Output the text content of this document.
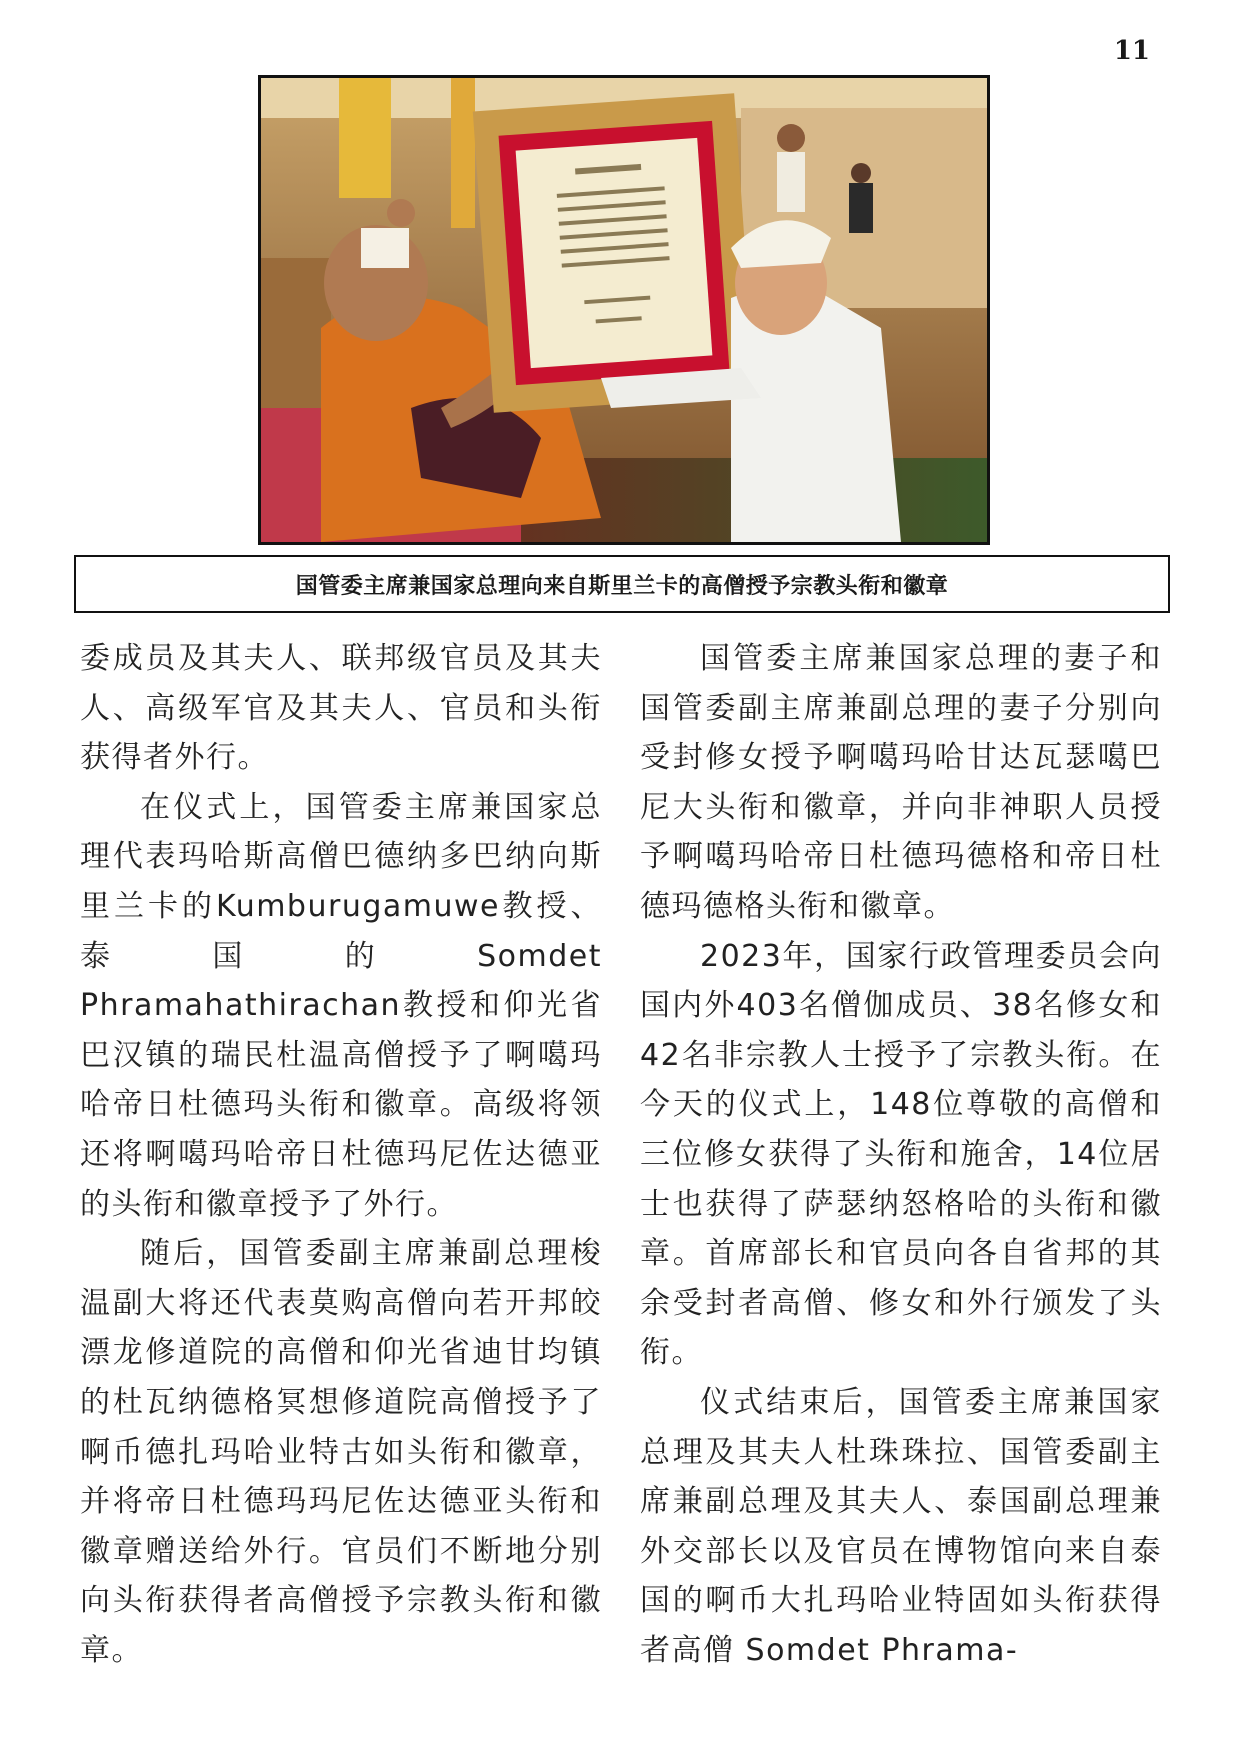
11
国管委主席兼国家总理向来自斯里兰卡的高僧授予宗教头衔和徽章

委成员及其夫人、联邦级官员及其夫人、高级军官及其夫人、官员和头衔获得者外行。

在仪式上，国管委主席兼国家总理代表玛哈斯高僧巴德纳多巴纳向斯里兰卡的Kumburugamuwe教授、泰国的Somdet Phramahathirachan教授和仰光省巴汉镇的瑞民杜温高僧授予了啊噶玛哈帝日杜德玛头衔和徽章。高级将领还将啊噶玛哈帝日杜德玛尼佐达德亚的头衔和徽章授予了外行。

随后，国管委副主席兼副总理梭温副大将还代表莫购高僧向若开邦皎漂龙修道院的高僧和仰光省迪甘均镇的杜瓦纳德格冥想修道院高僧授予了啊币德扎玛哈业特古如头衔和徽章，并将帝日杜德玛玛尼佐达德亚头衔和徽章赠送给外行。官员们不断地分别向头衔获得者高僧授予宗教头衔和徽章。

国管委主席兼国家总理的妻子和国管委副主席兼副总理的妻子分别向受封修女授予啊噶玛哈甘达瓦瑟噶巴尼大头衔和徽章，并向非神职人员授予啊噶玛哈帝日杜德玛德格和帝日杜德玛德格头衔和徽章。

2023年，国家行政管理委员会向国内外403名僧伽成员、38名修女和42名非宗教人士授予了宗教头衔。在今天的仪式上，148位尊敬的高僧和三位修女获得了头衔和施舍，14位居士也获得了萨瑟纳怒格哈的头衔和徽章。首席部长和官员向各自省邦的其余受封者高僧、修女和外行颁发了头衔。

仪式结束后，国管委主席兼国家总理及其夫人杜珠珠拉、国管委副主席兼副总理及其夫人、泰国副总理兼外交部长以及官员在博物馆向来自泰国的啊币大扎玛哈业特固如头衔获得者高僧 Somdet Phrama-
